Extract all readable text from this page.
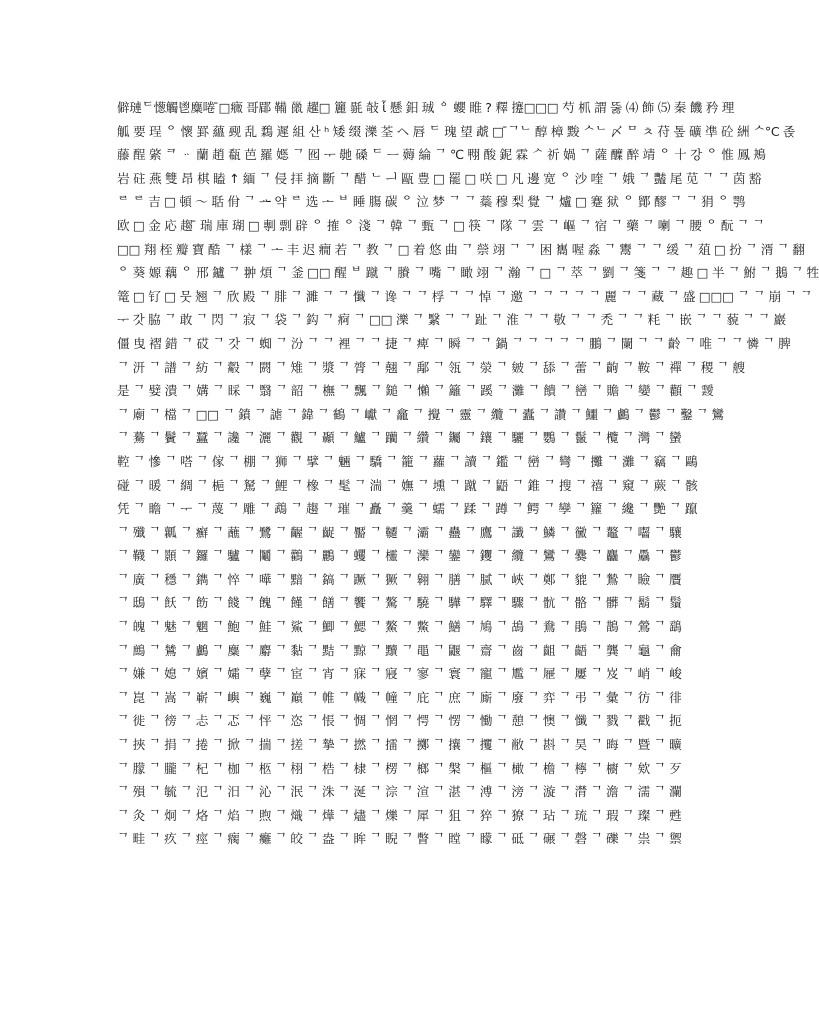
僻璉ᄃ憽觸鬯麋啳 ̄□癓 哥郿 鞴 巤 趯□ 籭 毾 敧 ἷ 懸 鈤 珹 ᅌ 蠳 睢 ? 釋 攓□□□ 芍 枛 謂 뚫 ⑷ 飾 ⑸ 秦 饑 矜 理
觚 要 珵 ᄋ 懷 罫 蘊 觋 乱 鶔 遲 組 산 ʰ 矮 缀 濼 荃 ヘ 唇 ᄃ 瑰 望 虣 □ ̄ᄀᄂ 醇 樟 黢 ᄉᄂ 〆 ᄆ ㅊ 苻 톺 礦 凖 砼 絒 ᄉ°C 졵
藤 酲 綮 ᄏ ᆢ 蘭 趙 瓻 芭 羅 嫕 ᄀ 囮 ᅮ 毑 磉 ᄃ ᅳ 薅 綸 ᄀ ℃ 翈 酸 鈮 霖 ᄼ 祈 媧 ᄀ 薩 醾 醉 靖 ᄋ 十 강 ᄋ 惟 鳳 鴂
岩 砫 燕 雙 昂 棋 瞌 ↑ 緬 ᄀ 侵 拝 摘 斷 ᄀ 醋 ᄂ ᅴ 甌 豊 □ 罷 □ 咲 □ 凡 邊 宽 ᄋ 沙 喹 ᄀ 娥 ᄀ 豔 尾 苋 ᄀ ᄀ 茵 豁
ᄅ ᄅ 吉 □ 頓 ～ 聒 佾 ᄀ ᅭ 약 ᄅ 选 ᅩ ᄇ 睡 膓 碳 ᄋ 泣 梦 ᄀ ᄀ 蘂 穆 梨 覺 ᄀ 爐 □ 蹇 狱 ᄋ 鄮 醪 ᄀ ᄀ 狷 ᄋ 鹗
欧 □ 金 応 趨 ̄ 瑞 庫 瑚 □ 剸 剽 辟 ᄋ 搉 ᄋ 淺 ᄀ 韓 ᄀ 甄 ᄀ □ 筷 ᄀ 隊 ᄀ 雲 ᄀ 嶇 ᄀ 宿 ᄀ 藥 ᄀ 喇 ᄀ 腰 ᄋ 酛 ᄀ ᄀ
□□ 翔 桎 瓣 寶 酷 ᄀ 樣 ᄀ ᅩ 丰 迟 癇 若 ᄀ 教 ᄀ □ 着 悠 曲 ᄀ 禜 翊 ᄀ ᄀ 困 巂 喔 淼 ᄀ 鬻 ᄀ ᄀ 缓 ᄀ 葅 □ 扮 ᄀ 湑 ᄀ 翻
ᄋ 葵 嫄 藕 ᄋ 邢 鑪 ᄀ 翀 煩 ᄀ 釜 □□ 醒 ᄇ 蹴 ᄀ 賸 ᄀ 嘴 ᄀ 瞰 翊 ᄀ 瀚 ᄀ □ ᄀ 萃 ᄀ 劉 ᄀ 箋 ᄀ ᄀ 趣 □ 半 ᄀ 鮒 ᄀ 鵝 ᄀ 牲
篭 □ 钌 □ 뭇 翘 ᄀ 欣 殿 ᄀ 腓 ᄀ 濉 ᄀ ᄀ 懺 ᄀ 谗 ᄀ ᄀ 桴 ᄀ ᄀ 悼 ᄀ 邀 ᄀ ᄀ ᄀ ᄀ ᄀ 麗 ᄀ ᄀ 藏 ᄀ 盛 □□□ ᄀ ᄀ 崩 ᄀ ᄀ
ᅮ 갓 脇 ᄀ 敢 ᄀ 閃 ᄀ 寂 ᄀ 袋 ᄀ 鈎 ᄀ 痾 ᄀ □□ 濼 ᄀ 繄 ᄀ ᄀ 趾 ᄀ 淮 ᄀ ᄀ 敬 ᄀ ᄀ 禿 ᄀ ᄀ 粍 ᄀ 嵌 ᄀ ᄀ 藐 ᄀ ᄀ 巖
僵 曳 褶 錯 ᄀ 砹 ᄀ 갓 ᄀ 蜘 ᄀ 汾 ᄀ ᄀ 裡 ᄀ ᄀ 捷 ᄀ 痺 ᄀ 瞬 ᄀ ᄀ 鍋 ᄀ ᄀ ᄀ ᄀ ᄀ 鵬 ᄀ 闌 ᄀ ᄀ 齡 ᄀ 唯 ᄀ ᄀ 憐 ᄀ 脾
ᄀ 汧 ᄀ 譜 ᄀ 紡 ᄀ 觳 ᄀ 閼 ᄀ 雉 ᄀ 漿 ᄀ 膂 ᄀ 翹 ᄀ 鄅 ᄀ 瓴 ᄀ 滎 ᄀ 皴 ᄀ 舔 ᄀ 蕾 ᄀ 齣 ᄀ 鞍 ᄀ 禪 ᄀ 稷 ᄀ 艘
是 ᄀ 嬖 潰 ᄀ 媾 ᄀ 睬 ᄀ 翳 ᄀ 韶 ᄀ 橅 ᄀ 飄 ᄀ 鎚 ᄀ 懶 ᄀ 籬 ᄀ 蹊 ᄀ 灘 ᄀ 饋 ᄀ 巒 ᄀ 贍 ᄀ 孌 ᄀ 顴 ᄀ 靉
ᄀ 廟 ᄀ 檔 ᄀ □□ ᄀ 鐼 ᄀ 謔 ᄀ 鍏 ᄀ 鶴 ᄀ 巘 ᄀ 龕 ᄀ 攪 ᄀ 靈 ᄀ 纜 ᄀ 蠹 ᄀ 讚 ᄀ 鱷 ᄀ 鸕 ᄀ 鬱 ᄀ 鑿 ᄀ 鸞
ᄀ 驀 ᄀ 鬢 ᄀ 蠶 ᄀ 讒 ᄀ 灑 ᄀ 觀 ᄀ 顳 ᄀ 鱸 ᄀ 躪 ᄀ 纘 ᄀ 钃 ᄀ 鑲 ᄀ 驪 ᄀ 鸚 ᄀ 鬣 ᄀ 欖 ᄀ 灣 ᄀ 蠻
鞚 ᄀ 慘 ᄀ 嗒 ᄀ 傢 ᄀ 棚 ᄀ 狮 ᄀ 擘 ᄀ 魎 ᄀ 驕 ᄀ 籠 ᄀ 蘿 ᄀ 讀 ᄀ 鑑 ᄀ 巒 ᄀ 彎 ᄀ 攤 ᄀ 灘 ᄀ 竊 ᄀ 鷗
碰 ᄀ 暖 ᄀ 綢 ᄀ 梔 ᄀ 駑 ᄀ 鯉 ᄀ 橡 ᄀ 髦 ᄀ 湍 ᄀ 嫵 ᄀ 壎 ᄀ 蹴 ᄀ 鼯 ᄀ 錐 ᄀ 搜 ᄀ 禧 ᄀ 窺 ᄀ 蕨 ᄀ 骸
凭 ᄀ 瞻 ᄀ ᅮ ᄀ 蔑 ᄀ 雕 ᄀ 鵡 ᄀ 趨 ᄀ 璀 ᄀ 矗 ᄀ 羹 ᄀ 蠕 ᄀ 蹂 ᄀ 蹲 ᄀ 鳄 ᄀ 孿 ᄀ 籮 ᄀ 纔 ᄀ 艷 ᄀ 躥
ᄀ 殲 ᄀ 瓤 ᄀ 癬 ᄀ 蘸 ᄀ 鷺 ᄀ 齷 ᄀ 齪 ᄀ 靨 ᄀ 韆 ᄀ 灞 ᄀ 蠱 ᄀ 鷹 ᄀ 讖 ᄀ 鱗 ᄀ 黴 ᄀ 鼇 ᄀ 囓 ᄀ 驤
ᄀ 韈 ᄀ 顥 ᄀ 鑼 ᄀ 驢 ᄀ 鬮 ᄀ 鸛 ᄀ 鸝 ᄀ 蠼 ᄀ 欞 ᄀ 灤 ᄀ 鑾 ᄀ 钁 ᄀ 纜 ᄀ 鸞 ᄀ 爨 ᄀ 麤 ᄀ 驫 ᄀ 鬱
ᄀ 廣 ᄀ 穩 ᄀ 鐫 ᄀ 悴 ᄀ 嘩 ᄀ 黯 ᄀ 鎬 ᄀ 蹶 ᄀ 獗 ᄀ 翱 ᄀ 膳 ᄀ 腻 ᄀ 峽 ᄀ 鄭 ᄀ 貔 ᄀ 鷙 ᄀ 瞼 ᄀ 贋
ᄀ 鴟 ᄀ 飫 ᄀ 飭 ᄀ 餞 ᄀ 餽 ᄀ 饉 ᄀ 饍 ᄀ 饗 ᄀ 驁 ᄀ 驍 ᄀ 驊 ᄀ 驛 ᄀ 驟 ᄀ 骯 ᄀ 骼 ᄀ 髒 ᄀ 鬍 ᄀ 鬚
ᄀ 魄 ᄀ 魅 ᄀ 魍 ᄀ 鮑 ᄀ 鮭 ᄀ 鯊 ᄀ 鯽 ᄀ 鰓 ᄀ 鰲 ᄀ 鱉 ᄀ 鱔 ᄀ 鳩 ᄀ 鴣 ᄀ 鴦 ᄀ 鵑 ᄀ 鵲 ᄀ 鶯 ᄀ 鷂
ᄀ 鷓 ᄀ 鷥 ᄀ 鸕 ᄀ 麋 ᄀ 麝 ᄀ 黏 ᄀ 黠 ᄀ 黥 ᄀ 黷 ᄀ 黽 ᄀ 鼴 ᄀ 齋 ᄀ 齒 ᄀ 齟 ᄀ 齬 ᄀ 龔 ᄀ 龜 ᄀ 龠
ᄀ 嫌 ᄀ 媳 ᄀ 嬪 ᄀ 孀 ᄀ 孽 ᄀ 宦 ᄀ 宵 ᄀ 寐 ᄀ 寢 ᄀ 寥 ᄀ 寰 ᄀ 寵 ᄀ 尷 ᄀ 屜 ᄀ 屢 ᄀ 岌 ᄀ 峭 ᄀ 峻
ᄀ 崑 ᄀ 嵩 ᄀ 嶄 ᄀ 嶼 ᄀ 巍 ᄀ 巔 ᄀ 帷 ᄀ 幟 ᄀ 幢 ᄀ 庇 ᄀ 庶 ᄀ 廝 ᄀ 廢 ᄀ 弈 ᄀ 弔 ᄀ 彙 ᄀ 彷 ᄀ 徘
ᄀ 徙 ᄀ 徬 ᄀ 忐 ᄀ 忑 ᄀ 怦 ᄀ 恣 ᄀ 悵 ᄀ 惆 ᄀ 惘 ᄀ 愕 ᄀ 愣 ᄀ 慟 ᄀ 憩 ᄀ 懊 ᄀ 懺 ᄀ 戮 ᄀ 戳 ᄀ 扼
ᄀ 挾 ᄀ 捐 ᄀ 捲 ᄀ 掀 ᄀ 揣 ᄀ 搓 ᄀ 摯 ᄀ 撚 ᄀ 擂 ᄀ 擲 ᄀ 攘 ᄀ 攫 ᄀ 敝 ᄀ 斟 ᄀ 昊 ᄀ 晦 ᄀ 暨 ᄀ 曠
ᄀ 朦 ᄀ 朧 ᄀ 杞 ᄀ 枷 ᄀ 柩 ᄀ 栩 ᄀ 梏 ᄀ 棣 ᄀ 楞 ᄀ 榔 ᄀ 槃 ᄀ 樞 ᄀ 橄 ᄀ 檐 ᄀ 檸 ᄀ 櫥 ᄀ 欸 ᄀ 歹
ᄀ 殞 ᄀ 毓 ᄀ 氾 ᄀ 汨 ᄀ 沁 ᄀ 泯 ᄀ 洙 ᄀ 涎 ᄀ 淙 ᄀ 渲 ᄀ 湛 ᄀ 溥 ᄀ 滂 ᄀ 漩 ᄀ 潸 ᄀ 澹 ᄀ 濡 ᄀ 瀾
ᄀ 灸 ᄀ 炯 ᄀ 烙 ᄀ 焰 ᄀ 煦 ᄀ 熾 ᄀ 燁 ᄀ 燼 ᄀ 爍 ᄀ 犀 ᄀ 狙 ᄀ 猝 ᄀ 獠 ᄀ 玷 ᄀ 琉 ᄀ 瑕 ᄀ 璨 ᄀ 甦
ᄀ 畦 ᄀ 疚 ᄀ 痙 ᄀ 瘸 ᄀ 癱 ᄀ 皎 ᄀ 盎 ᄀ 眸 ᄀ 睨 ᄀ 瞥 ᄀ 瞠 ᄀ 矇 ᄀ 砥 ᄀ 碾 ᄀ 磬 ᄀ 礫 ᄀ 祟 ᄀ 禦
